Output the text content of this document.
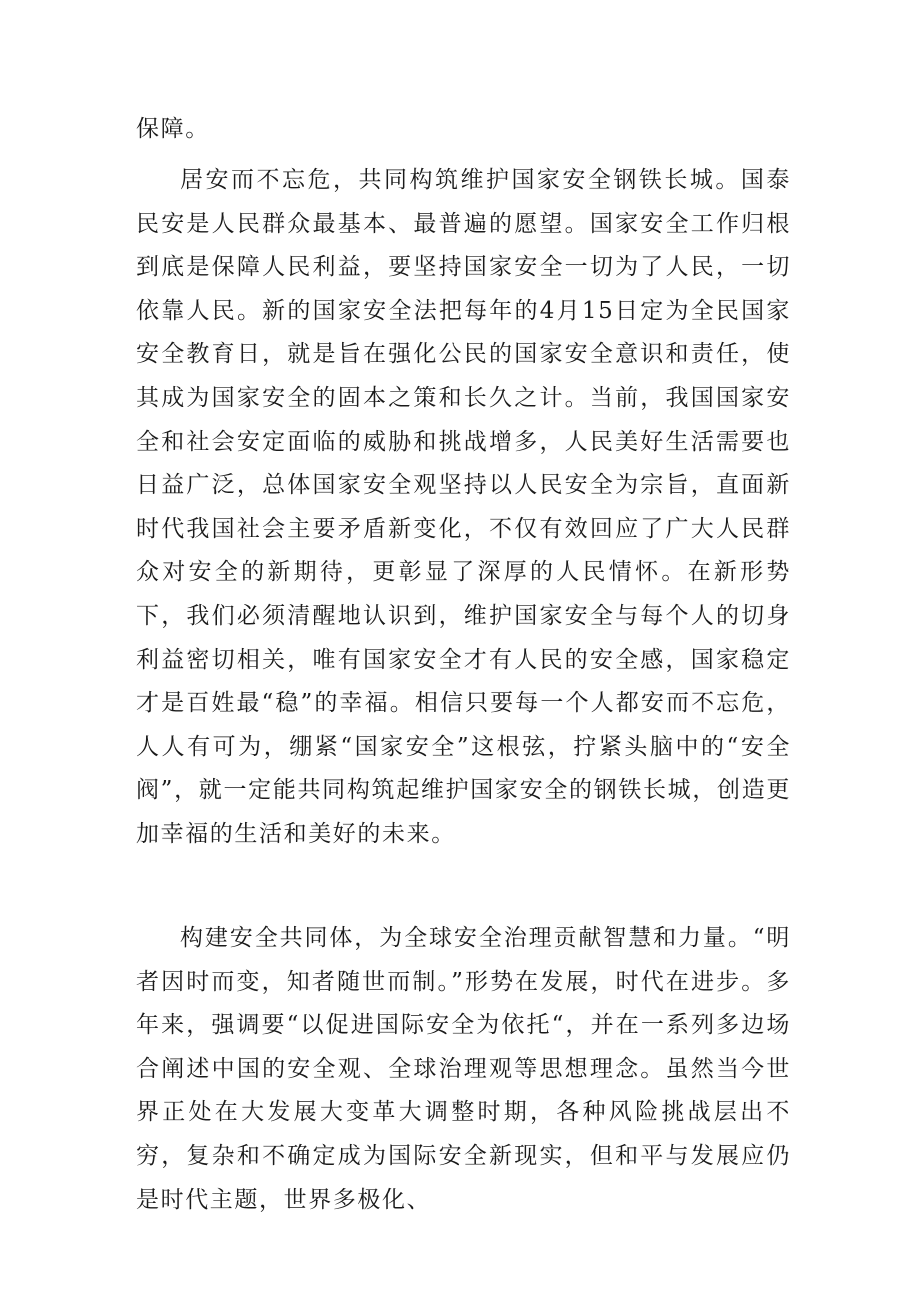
保障。

居安而不忘危，共同构筑维护国家安全钢铁长城。国泰民安是人民群众最基本、最普遍的愿望。国家安全工作归根到底是保障人民利益，要坚持国家安全一切为了人民，一切依靠人民。新的国家安全法把每年的4月15日定为全民国家安全教育日，就是旨在强化公民的国家安全意识和责任，使其成为国家安全的固本之策和长久之计。当前，我国国家安全和社会安定面临的威胁和挑战增多，人民美好生活需要也日益广泛，总体国家安全观坚持以人民安全为宗旨，直面新时代我国社会主要矛盾新变化，不仅有效回应了广大人民群众对安全的新期待，更彰显了深厚的人民情怀。在新形势下，我们必须清醒地认识到，维护国家安全与每个人的切身利益密切相关，唯有国家安全才有人民的安全感，国家稳定才是百姓最“稳”的幸福。相信只要每一个人都安而不忘危，人人有可为，绷紧“国家安全”这根弦，拧紧头脑中的“安全阀”，就一定能共同构筑起维护国家安全的钢铁长城，创造更加幸福的生活和美好的未来。

构建安全共同体，为全球安全治理贡献智慧和力量。“明者因时而变，知者随世而制。”形势在发展，时代在进步。多年来，强调要“以促进国际安全为依托“，并在一系列多边场合阐述中国的安全观、全球治理观等思想理念。虽然当今世界正处在大发展大变革大调整时期，各种风险挑战层出不穷，复杂和不确定成为国际安全新现实，但和平与发展应仍是时代主题，世界多极化、
